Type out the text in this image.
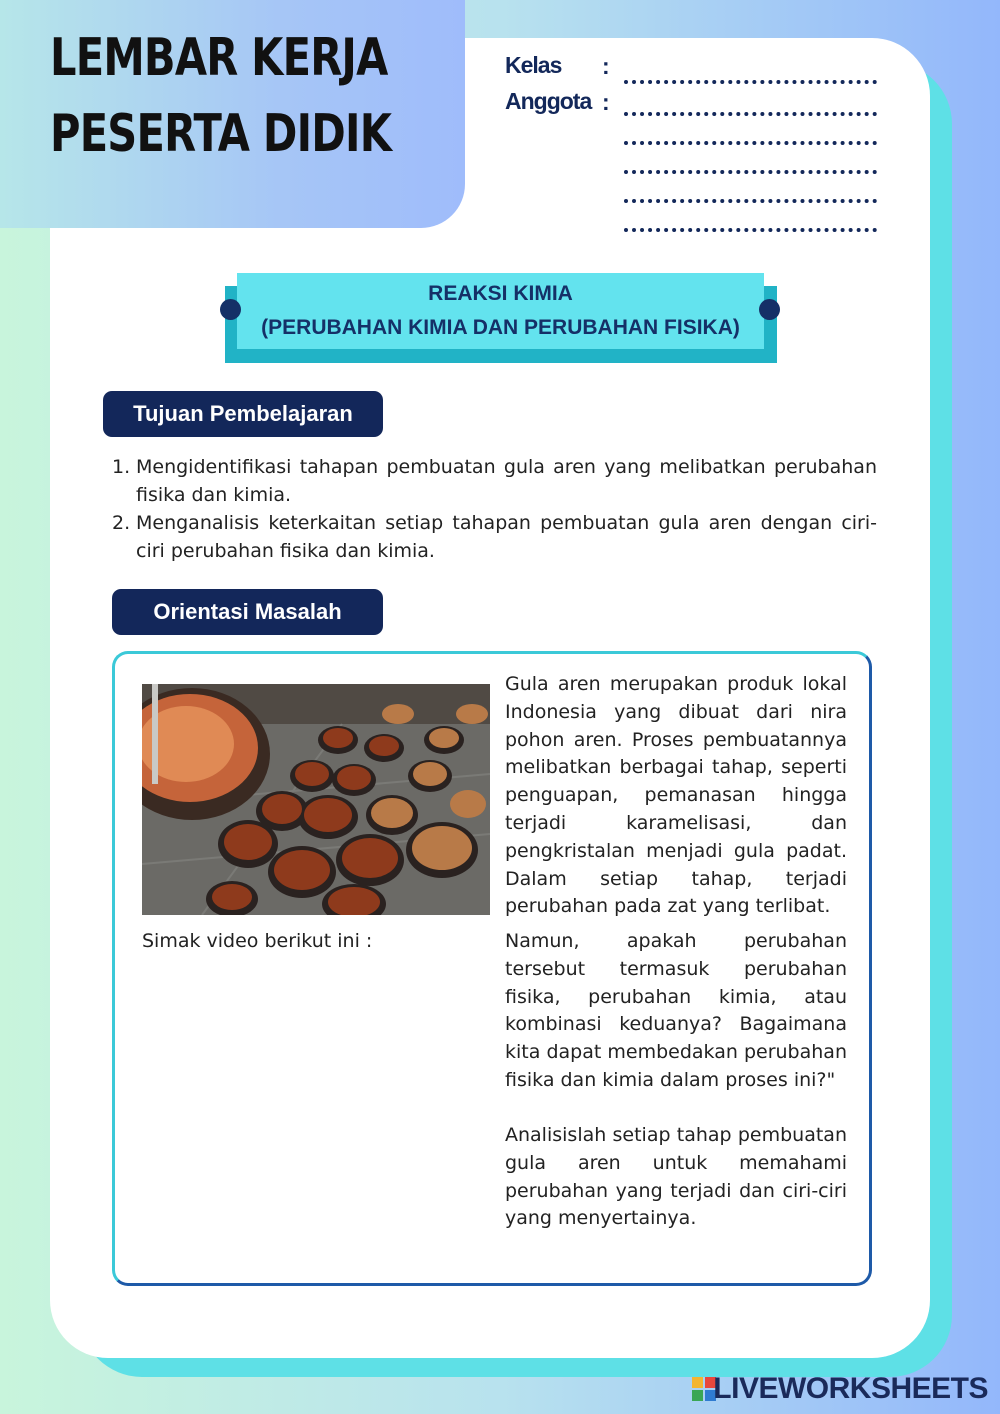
LEMBAR KERJA
PESERTA DIDIK
Kelas :
Anggota :
REAKSI KIMIA
(PERUBAHAN KIMIA DAN PERUBAHAN FISIKA)
Tujuan Pembelajaran
1. Mengidentifikasi tahapan pembuatan gula aren yang melibatkan perubahan fisika dan kimia.
2. Menganalisis keterkaitan setiap tahapan pembuatan gula aren dengan ciri-ciri perubahan fisika dan kimia.
Orientasi Masalah
Simak video berikut ini :

Gula aren merupakan produk lokal Indonesia yang dibuat dari nira pohon aren. Proses pembuatannya melibatkan berbagai tahap, seperti penguapan, pemanasan hingga terjadi karamelisasi, dan pengkristalan menjadi gula padat. Dalam setiap tahap, terjadi perubahan pada zat yang terlibat.

Namun, apakah perubahan tersebut termasuk perubahan fisika, perubahan kimia, atau kombinasi keduanya? Bagaimana kita dapat membedakan perubahan fisika dan kimia dalam proses ini?"

Analisislah setiap tahap pembuatan gula aren untuk memahami perubahan yang terjadi dan ciri-ciri yang menyertainya.

LIVEWORKSHEETS
